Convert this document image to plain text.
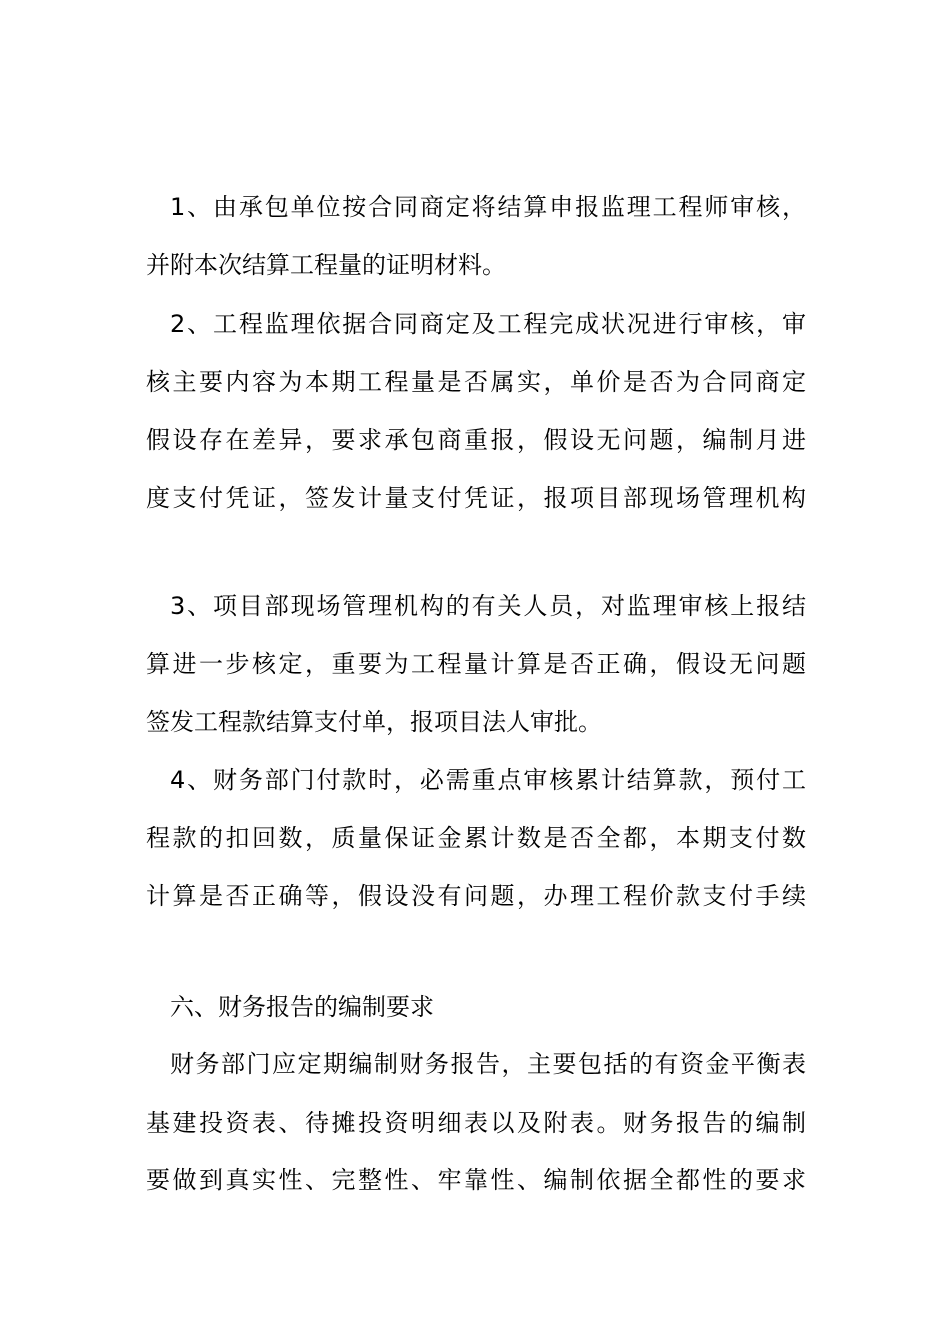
1、由承包单位按合同商定将结算申报监理工程师审核，
并附本次结算工程量的证明材料。
2、工程监理依据合同商定及工程完成状况进行审核，审
核主要内容为本期工程量是否属实，单价是否为合同商定
假设存在差异，要求承包商重报，假设无问题，编制月进
度支付凭证，签发计量支付凭证，报项目部现场管理机构
3、项目部现场管理机构的有关人员，对监理审核上报结
算进一步核定，重要为工程量计算是否正确，假设无问题
签发工程款结算支付单，报项目法人审批。
4、财务部门付款时，必需重点审核累计结算款，预付工
程款的扣回数，质量保证金累计数是否全都，本期支付数
计算是否正确等，假设没有问题，办理工程价款支付手续
六、财务报告的编制要求
财务部门应定期编制财务报告，主要包括的有资金平衡表
基建投资表、待摊投资明细表以及附表。财务报告的编制
要做到真实性、完整性、牢靠性、编制依据全都性的要求
